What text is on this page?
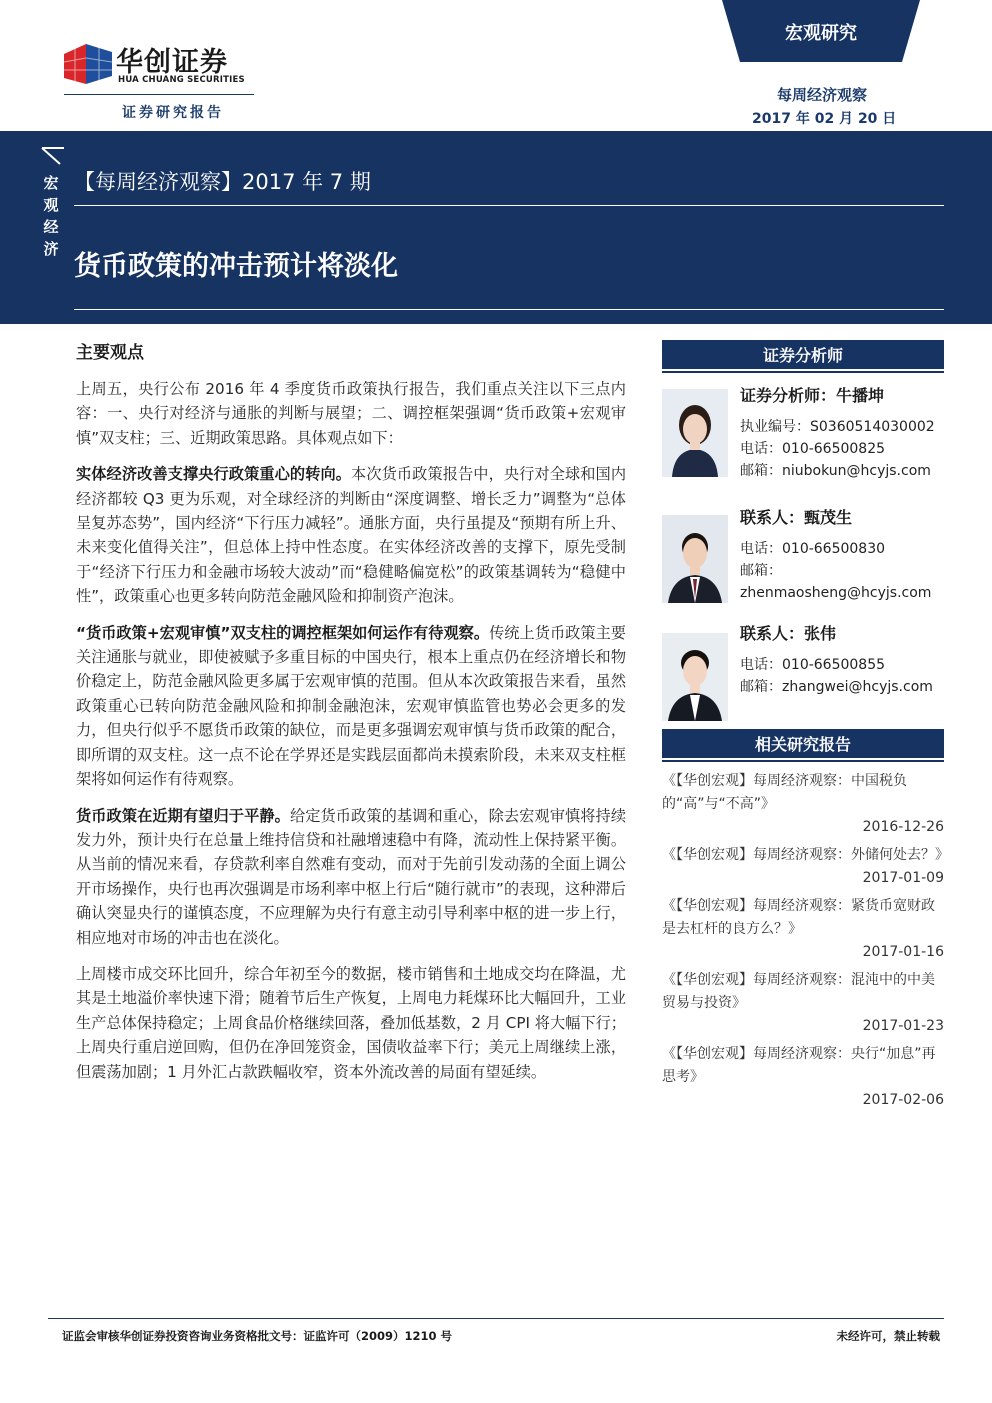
华创证券
HUA CHUANG SECURITIES
证券研究报告
宏观研究
每周经济观察
2017 年 02 月 20 日
宏
观
经
济
【每周经济观察】2017 年 7 期
货币政策的冲击预计将淡化
主要观点

上周五，央行公布 2016 年 4 季度货币政策执行报告，我们重点关注以下三点内容：一、央行对经济与通胀的判断与展望；二、调控框架强调“货币政策+宏观审慎”双支柱；三、近期政策思路。具体观点如下：

实体经济改善支撑央行政策重心的转向。本次货币政策报告中，央行对全球和国内经济都较 Q3 更为乐观，对全球经济的判断由“深度调整、增长乏力”调整为“总体呈复苏态势”，国内经济“下行压力减轻”。通胀方面，央行虽提及“预期有所上升、未来变化值得关注”，但总体上持中性态度。在实体经济改善的支撑下，原先受制于“经济下行压力和金融市场较大波动”而“稳健略偏宽松”的政策基调转为“稳健中性”，政策重心也更多转向防范金融风险和抑制资产泡沫。

“货币政策+宏观审慎”双支柱的调控框架如何运作有待观察。传统上货币政策主要关注通胀与就业，即使被赋予多重目标的中国央行，根本上重点仍在经济增长和物价稳定上，防范金融风险更多属于宏观审慎的范围。但从本次政策报告来看，虽然政策重心已转向防范金融风险和抑制金融泡沫，宏观审慎监管也势必会更多的发力，但央行似乎不愿货币政策的缺位，而是更多强调宏观审慎与货币政策的配合，即所谓的双支柱。这一点不论在学界还是实践层面都尚未摸索阶段，未来双支柱框架将如何运作有待观察。

货币政策在近期有望归于平静。给定货币政策的基调和重心，除去宏观审慎将持续发力外，预计央行在总量上维持信贷和社融增速稳中有降，流动性上保持紧平衡。从当前的情况来看，存贷款利率自然难有变动，而对于先前引发动荡的全面上调公开市场操作，央行也再次强调是市场利率中枢上行后“随行就市”的表现，这种滞后确认突显央行的谨慎态度，不应理解为央行有意主动引导利率中枢的进一步上行，相应地对市场的冲击也在淡化。

上周楼市成交环比回升，综合年初至今的数据，楼市销售和土地成交均在降温，尤其是土地溢价率快速下滑；随着节后生产恢复，上周电力耗煤环比大幅回升，工业生产总体保持稳定；上周食品价格继续回落，叠加低基数，2 月 CPI 将大幅下行；上周央行重启逆回购，但仍在净回笼资金，国债收益率下行；美元上周继续上涨，但震荡加剧；1 月外汇占款跌幅收窄，资本外流改善的局面有望延续。

证券分析师
证券分析师：牛播坤
执业编号：S0360514030002
电话：010-66500825
邮箱：niubokun@hcyjs.com
联系人：甄茂生
电话：010-66500830
邮箱：
zhenmaosheng@hcyjs.com
联系人：张伟
电话：010-66500855
邮箱：zhangwei@hcyjs.com
相关研究报告
《【华创宏观】每周经济观察：中国税负的“高”与“不高”》
2016-12-26
《【华创宏观】每周经济观察：外储何处去？》
2017-01-09
《【华创宏观】每周经济观察：紧货币宽财政是去杠杆的良方么？》
2017-01-16
《【华创宏观】每周经济观察：混沌中的中美贸易与投资》
2017-01-23
《【华创宏观】每周经济观察：央行“加息”再思考》
2017-02-06
证监会审核华创证券投资咨询业务资格批文号：证监许可（2009）1210 号	未经许可，禁止转载
